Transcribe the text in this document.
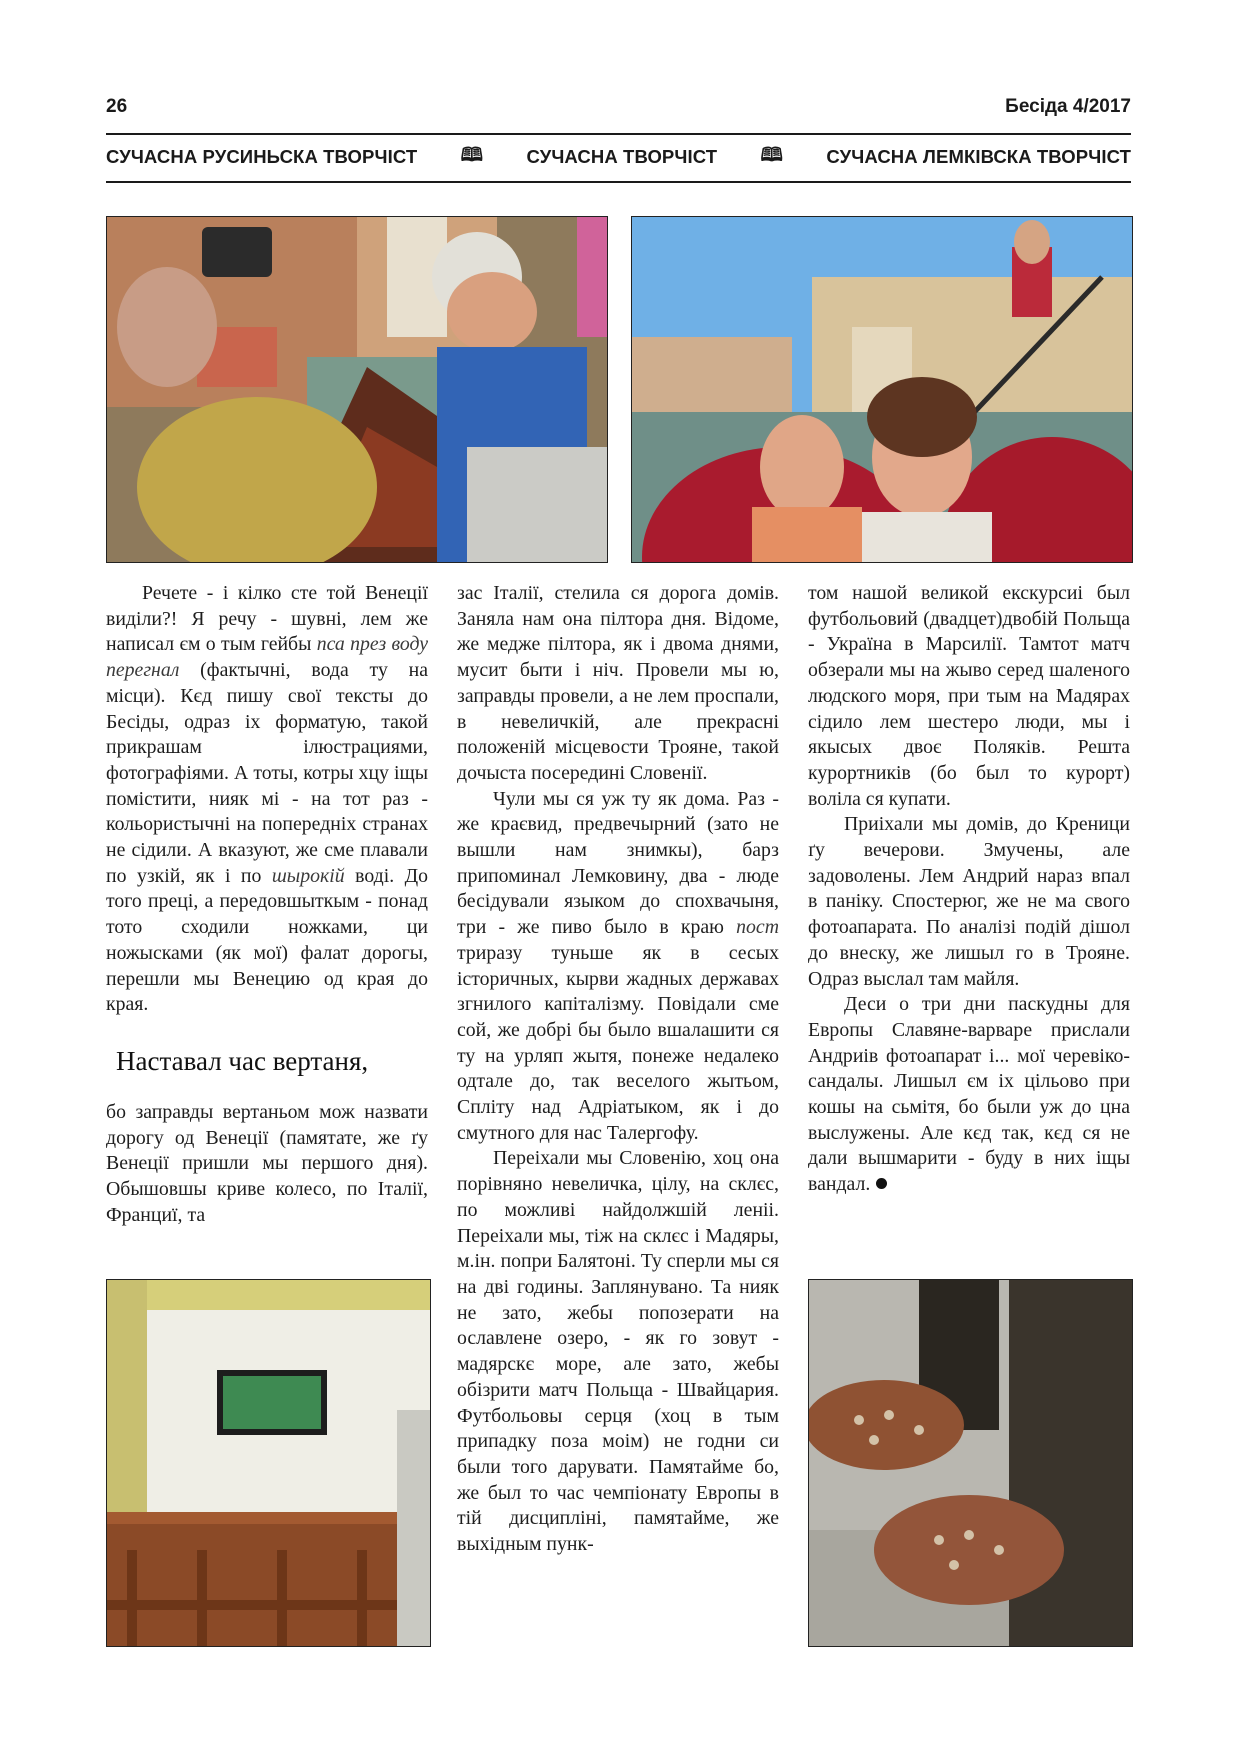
26	Бесіда 4/2017
СУЧАСНА РУСИНЬСКА ТВОРЧІСТ 🕮 СУЧАСНА ТВОРЧІСТ 🕮 СУЧАСНА ЛЕМКІВСКА ТВОРЧІСТ

Речете - і кілко сте той Венеції виділи?! Я речу - шувні, лем же написал єм о тым гейбы пса през воду перегнал (фактычні, вода ту на місци). Кєд пишу свої тексты до Бесіды, одраз іх форматую, такой прикрашам ілюстрациями, фотографіями. А тоты, котры хцу іщы помістити, нияк мі - на тот раз - кольористычні на попередніх странах не сідили. А вказуют, же сме плавали по узкій, як і по шырокій воді. До того преці, а передовшыткым - понад тото сходили ножками, ци ножысками (як мої) фалат дорогы, перешли мы Венецию од края до края.

Наставал час вертаня,

бо заправды вертаньом мож назвати дорогу од Венеції (памятате, же ґу Венеції пришли мы першого дня). Обышовшы криве колесо, по Італії, Франциї, та

зас Італії, стелила ся дорога домів. Заняла нам она пілтора дня. Відоме, же медже пілтора, як і двома днями, мусит быти і ніч. Провели мы ю, заправды провели, а не лем проспали, в невеличкій, але прекрасні положеній місцевости Трояне, такой дочыста посередині Словенії.

Чули мы ся уж ту як дома. Раз - же краєвид, предвечырний (зато не вышли нам знимкы), барз припоминал Лемковину, два - люде бесідували языком до спохвачыня, три - же пиво было в краю пост триразу туньше як в сесых історичных, кырви жадных державах згнилого капіталізму. Повідали сме сой, же добрі бы было вшалашити ся ту на урляп жытя, понеже недалеко одтале до, так веселого жытьом, Спліту над Адріатыком, як і до смутного для нас Талергофу.

Переіхали мы Словенію, хоц она порівняно невеличка, цілу, на склєс, по можливі найдолжшій леніі. Переіхали мы, тіж на склєс і Мадяры, м.ін. попри Балятоні. Ту сперли мы ся на дві годины. Заплянувано. Та нияк не зато, жебы попозерати на ославлене озеро, - як го зовут - мадярскє море, але зато, жебы обізрити матч Польща - Швайцария. Футбольовы серця (хоц в тым припадку поза моім) не годни си были того дарувати. Памятайме бо, же был то час чемпіонату Европы в тій дисципліні, памятайме, же выхідным пунк-

том нашой великой екскурсиі был футбольовий (двадцет)двобій Польща - Україна в Марсилії. Тамтот матч обзерали мы на жыво серед шаленого людского моря, при тым на Мадярах сідило лем шестеро люди, мы і якысых двоє Поляків. Решта курортників (бо был то курорт) воліла ся купати.

Приіхали мы домів, до Креници ґу вечерови. Змучены, але задоволены. Лем Андрий нараз впал в паніку. Спостерюг, же не ма свого фотоапарата. По аналізі подій дішол до внеску, же лишыл го в Трояне. Одраз выслал там майля.

Деси о три дни паскудны для Европы Славяне-варваре прислали Андриів фотоапарат і... мої черевіко-сандалы. Лишыл єм іх цільово при кошы на сьмітя, бо были уж до цна выслужены. Але кєд так, кєд ся не дали вышмарити - буду в них іщы вандал.
